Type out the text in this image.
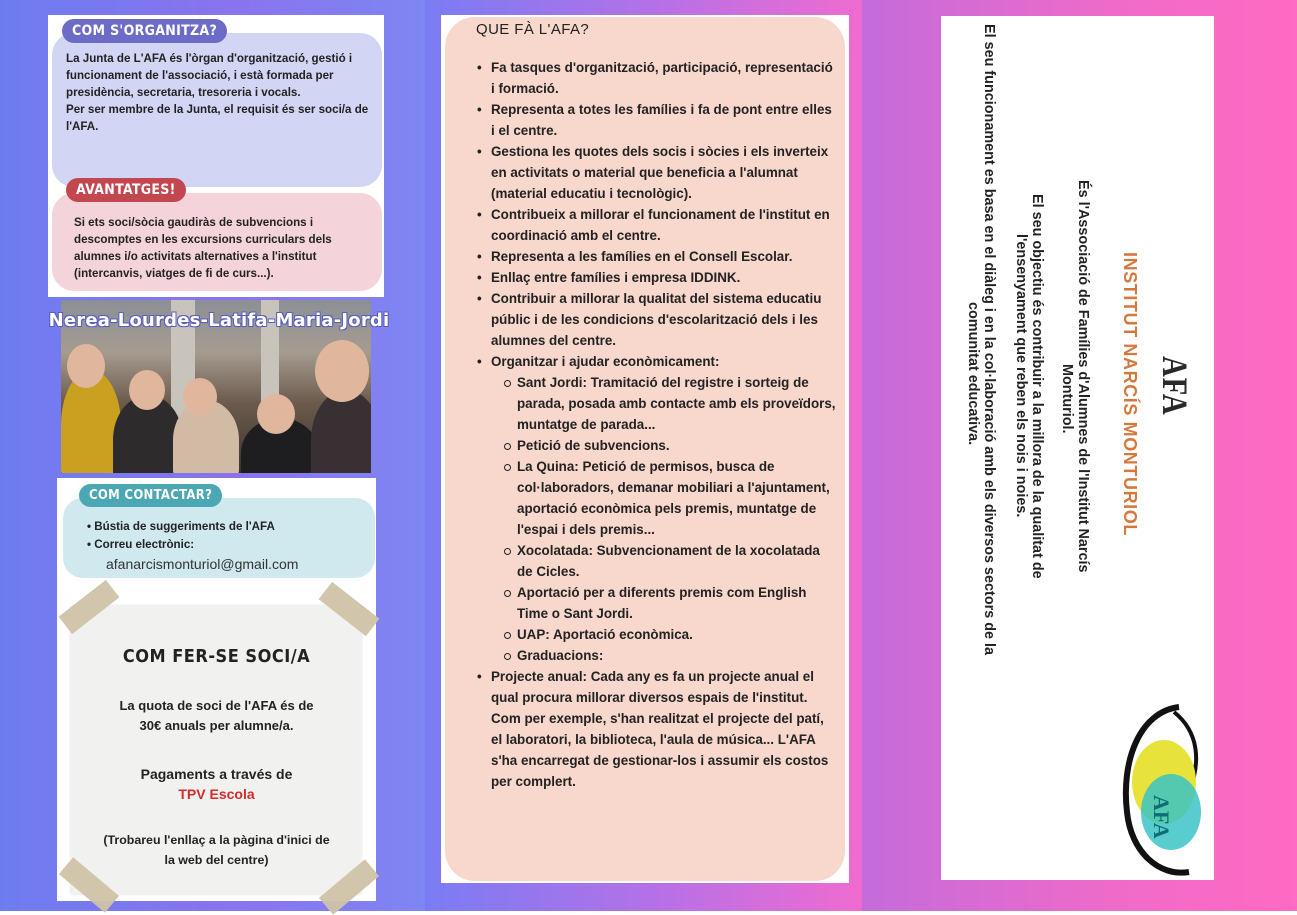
COM S'ORGANITZA?
La Junta de L'AFA és l'òrgan d'organització, gestió i funcionament de l'associació, i està formada per presidència, secretaria, tresoreria i vocals.
Per ser membre de la Junta, el requisit és ser soci/a de l'AFA.
AVANTATGES!
Si ets soci/sòcia gaudiràs de subvencions i descomptes en les excursions curriculars dels alumnes i/o activitats alternatives a l'institut (intercanvis, viatges de fi de curs...).
Nerea-Lourdes-Latifa-Maria-Jordi
COM CONTACTAR?
• Bústia de suggeriments de l'AFA
• Correu electrònic:
afanarcismonturiol@gmail.com
COM FER-SE SOCI/A
La quota de soci de l'AFA és de
30€ anuals per alumne/a.
Pagaments a través de
TPV Escola
(Trobareu l'enllaç a la pàgina d'inici de
la web del centre)
QUE FÀ L'AFA?
• Fa tasques d'organització, participació, representació i formació.
• Representa a totes les famílies i fa de pont entre elles i el centre.
• Gestiona les quotes dels socis i sòcies i els inverteix en activitats o material que beneficia a l'alumnat (material educatiu i tecnològic).
• Contribueix a millorar el funcionament de l'institut en coordinació amb el centre.
• Representa a les famílies en el Consell Escolar.
• Enllaç entre famílies i empresa IDDINK.
• Contribuir a millorar la qualitat del sistema educatiu públic i de les condicions d'escolarització dels i les alumnes del centre.
• Organitzar i ajudar econòmicament:
Sant Jordi: Tramitació del registre i sorteig de parada, posada amb contacte amb els proveïdors, muntatge de parada...
Petició de subvencions.
La Quina: Petició de permisos, busca de col·laboradors, demanar mobiliari a l'ajuntament, aportació econòmica pels premis, muntatge de l'espai i dels premis...
Xocolatada: Subvencionament de la xocolatada de Cicles.
Aportació per a diferents premis com English Time o Sant Jordi.
UAP: Aportació econòmica.
Graduacions:
• Projecte anual: Cada any es fa un projecte anual el qual procura millorar diversos espais de l'institut. Com per exemple, s'han realitzat el projecte del patí, el laboratori, la biblioteca, l'aula de música... L'AFA s'ha encarregat de gestionar-los i assumir els costos per complert.
AFA
INSTITUT NARCÍS MONTURIOL
És l'Associació de Famílies d'Alumnes de l'Institut Narcís
Monturiol.
El seu objectiu és contribuir a la millora de la qualitat de
l'ensenyament que reben els nois i noies.
El seu funcionament es basa en el diàleg i en la col·laboració amb els diversos sectors de la
comunitat educativa.
AFA
